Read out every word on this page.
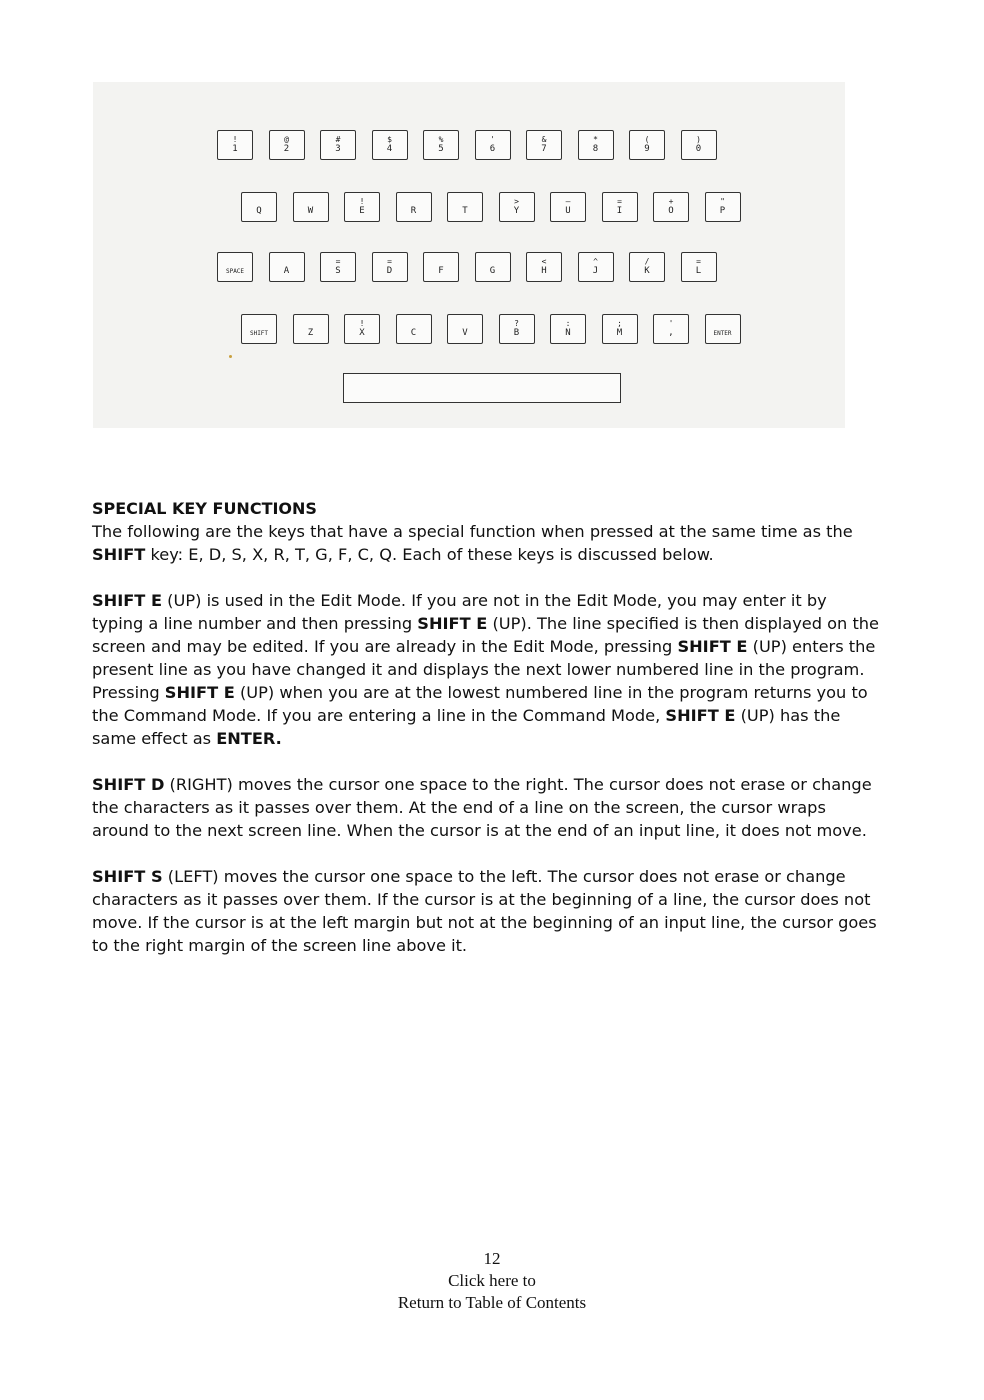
!
1
@
2
#
3
$
4
%
5
'
6
&
7
*
8
(
9
)
0
Q	W
!
E	R	T
>
Y
—
U
=
I
+
O
"
P
SPACE	A
=
S
=
D	F	G
<
H
^
J
/
K
=
L
SHIFT	Z
!
X	C	V
?
B
:
N
;
M
'
,	ENTER
SPECIAL KEY FUNCTIONS

The following are the keys that have a special function when pressed at the same time as the SHIFT key: E, D, S, X, R, T, G, F, C, Q. Each of these keys is discussed below.

SHIFT E (UP) is used in the Edit Mode. If you are not in the Edit Mode, you may enter it by typing a line number and then pressing SHIFT E (UP). The line specified is then displayed on the screen and may be edited. If you are already in the Edit Mode, pressing SHIFT E (UP) enters the present line as you have changed it and displays the next lower numbered line in the program. Pressing SHIFT E (UP) when you are at the lowest numbered line in the program returns you to the Command Mode. If you are entering a line in the Command Mode, SHIFT E (UP) has the same effect as ENTER.

SHIFT D (RIGHT) moves the cursor one space to the right. The cursor does not erase or change the characters as it passes over them. At the end of a line on the screen, the cursor wraps around to the next screen line. When the cursor is at the end of an input line, it does not move.

SHIFT S (LEFT) moves the cursor one space to the left. The cursor does not erase or change characters as it passes over them. If the cursor is at the beginning of a line, the cursor does not move. If the cursor is at the left margin but not at the beginning of an input line, the cursor goes to the right margin of the screen line above it.

12
Click here to
Return to Table of Contents
